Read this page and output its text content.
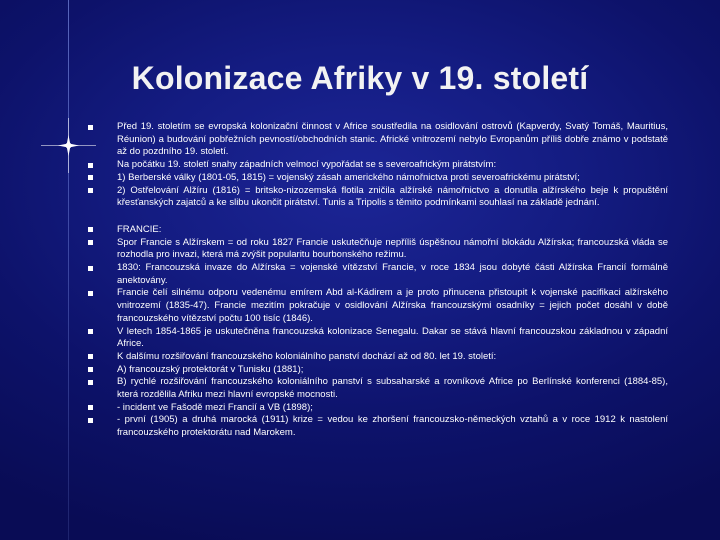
Kolonizace Afriky v 19. století
Před 19. stoletím se evropská kolonizační činnost v Africe soustředila na osidlování ostrovů (Kapverdy, Svatý Tomáš, Mauritius, Réunion) a budování pobřežních pevností/obchodních stanic. Africké vnitrozemí nebylo Evropanům příliš dobře známo v podstatě až do pozdního 19. století.
Na počátku 19. století snahy západních velmocí vypořádat se s severoafrickým pirátstvím:
1) Berberské války (1801-05, 1815) = vojenský zásah amerického námořnictva proti severoafrickému pirátství;
2) Ostřelování Alžíru (1816) = britsko-nizozemská flotila zničila alžírské námořnictvo a donutila alžírského beje k propuštění křesťanských zajatců a ke slibu ukončit pirátství. Tunis a Tripolis s těmito podmínkami souhlasí na základě jednání.
FRANCIE:
Spor Francie s Alžírskem = od roku 1827 Francie uskutečňuje nepříliš úspěšnou námořní blokádu Alžírska; francouzská vláda se rozhodla pro invazi, která má zvýšit popularitu bourbonského režimu.
1830: Francouzská invaze do Alžírska = vojenské vítězství Francie, v roce 1834 jsou dobyté části Alžírska Francií formálně anektovány.
Francie čelí silnému odporu vedenému emírem Abd al-Kádirem a je proto přinucena přistoupit k vojenské pacifikaci alžírského vnitrozemí (1835-47). Francie mezitím pokračuje v osidlování Alžírska francouzskými osadníky = jejich počet dosáhl v době francouzského vítězství počtu 100 tisíc (1846).
V letech 1854-1865 je uskutečněna francouzská kolonizace Senegalu. Dakar se stává hlavní francouzskou základnou v západní Africe.
K dalšímu rozšiřování francouzského koloniálního panství dochází až od 80. let 19. století:
A) francouzský protektorát v Tunisku (1881);
B) rychlé rozšiřování francouzského koloniálního panství s subsaharské a rovníkové Africe po Berlínské konferenci (1884-85), která rozdělila Afriku mezi hlavní evropské mocnosti.
- incident ve Fašodě mezi Francií a VB (1898);
- první (1905) a druhá marocká (1911) krize = vedou ke zhoršení francouzsko-německých vztahů a v roce 1912 k nastolení francouzského protektorátu nad Marokem.
